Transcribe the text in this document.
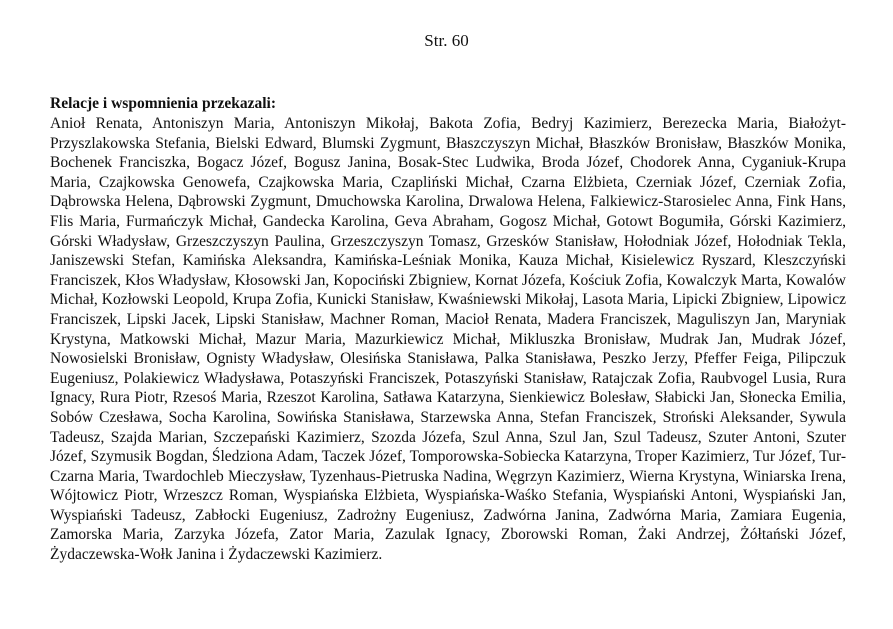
Str. 60

Relacje i wspomnienia przekazali:

Anioł Renata, Antoniszyn Maria, Antoniszyn Mikołaj, Bakota Zofia, Bedryj Kazimierz, Berezecka Maria, Białożyt-Przyszlakowska Stefania, Bielski Edward, Blumski Zygmunt, Błaszczyszyn Michał, Błaszków Bronisław, Błaszków Monika, Bochenek Franciszka, Bogacz Józef, Bogusz Janina, Bosak-Stec Ludwika, Broda Józef, Chodorek Anna, Cyganiuk-Krupa Maria, Czajkowska Genowefa, Czajkowska Maria, Czapliński Michał, Czarna Elżbieta, Czerniak Józef, Czerniak Zofia, Dąbrowska Helena, Dąbrowski Zygmunt, Dmuchowska Karolina, Drwalowa Helena, Falkiewicz-Starosielec Anna, Fink Hans, Flis Maria, Furmańczyk Michał, Gandecka Karolina, Geva Abraham, Gogosz Michał, Gotowt Bogumiła, Górski Kazimierz, Górski Władysław, Grzeszczyszyn Paulina, Grzeszczyszyn Tomasz, Grzesków Stanisław, Hołodniak Józef, Hołodniak Tekla, Janiszewski Stefan, Kamińska Aleksandra, Kamińska-Leśniak Monika, Kauza Michał, Kisielewicz Ryszard, Kleszczyński Franciszek, Kłos Władysław, Kłosowski Jan, Kopociński Zbigniew, Kornat Józefa, Kościuk Zofia, Kowalczyk Marta, Kowalów Michał, Kozłowski Leopold, Krupa Zofia, Kunicki Stanisław, Kwaśniewski Mikołaj, Lasota Maria, Lipicki Zbigniew, Lipowicz Franciszek, Lipski Jacek, Lipski Stanisław, Machner Roman, Macioł Renata, Madera Franciszek, Maguliszyn Jan, Maryniak Krystyna, Matkowski Michał, Mazur Maria, Mazurkiewicz Michał, Mikluszka Bronisław, Mudrak Jan, Mudrak Józef, Nowosielski Bronisław, Ognisty Władysław, Olesińska Stanisława, Palka Stanisława, Peszko Jerzy, Pfeffer Feiga, Pilipczuk Eugeniusz, Polakiewicz Władysława, Potaszyński Franciszek, Potaszyński Stanisław, Ratajczak Zofia, Raubvogel Lusia, Rura Ignacy, Rura Piotr, Rzesoś Maria, Rzeszot Karolina, Satława Katarzyna, Sienkiewicz Bolesław, Słabicki Jan, Słonecka Emilia, Sobów Czesława, Socha Karolina, Sowińska Stanisława, Starzewska Anna, Stefan Franciszek, Stroński Aleksander, Sywula Tadeusz, Szajda Marian, Szczepański Kazimierz, Szozda Józefa, Szul Anna, Szul Jan, Szul Tadeusz, Szuter Antoni, Szuter Józef, Szymusik Bogdan, Śledziona Adam, Taczek Józef, Tomporowska-Sobiecka Katarzyna, Troper Kazimierz, Tur Józef, Tur-Czarna Maria, Twardochleb Mieczysław, Tyzenhaus-Pietruska Nadina, Węgrzyn Kazimierz, Wierna Krystyna, Winiarska Irena, Wójtowicz Piotr, Wrzeszcz Roman, Wyspiańska Elżbieta, Wyspiańska-Waśko Stefania, Wyspiański Antoni, Wyspiański Jan, Wyspiański Tadeusz, Zabłocki Eugeniusz, Zadrożny Eugeniusz, Zadwórna Janina, Zadwórna Maria, Zamiara Eugenia, Zamorska Maria, Zarzyka Józefa, Zator Maria, Zazulak Ignacy, Zborowski Roman, Żaki Andrzej, Żółtański Józef, Żydaczewska-Wołk Janina i Żydaczewski Kazimierz.
